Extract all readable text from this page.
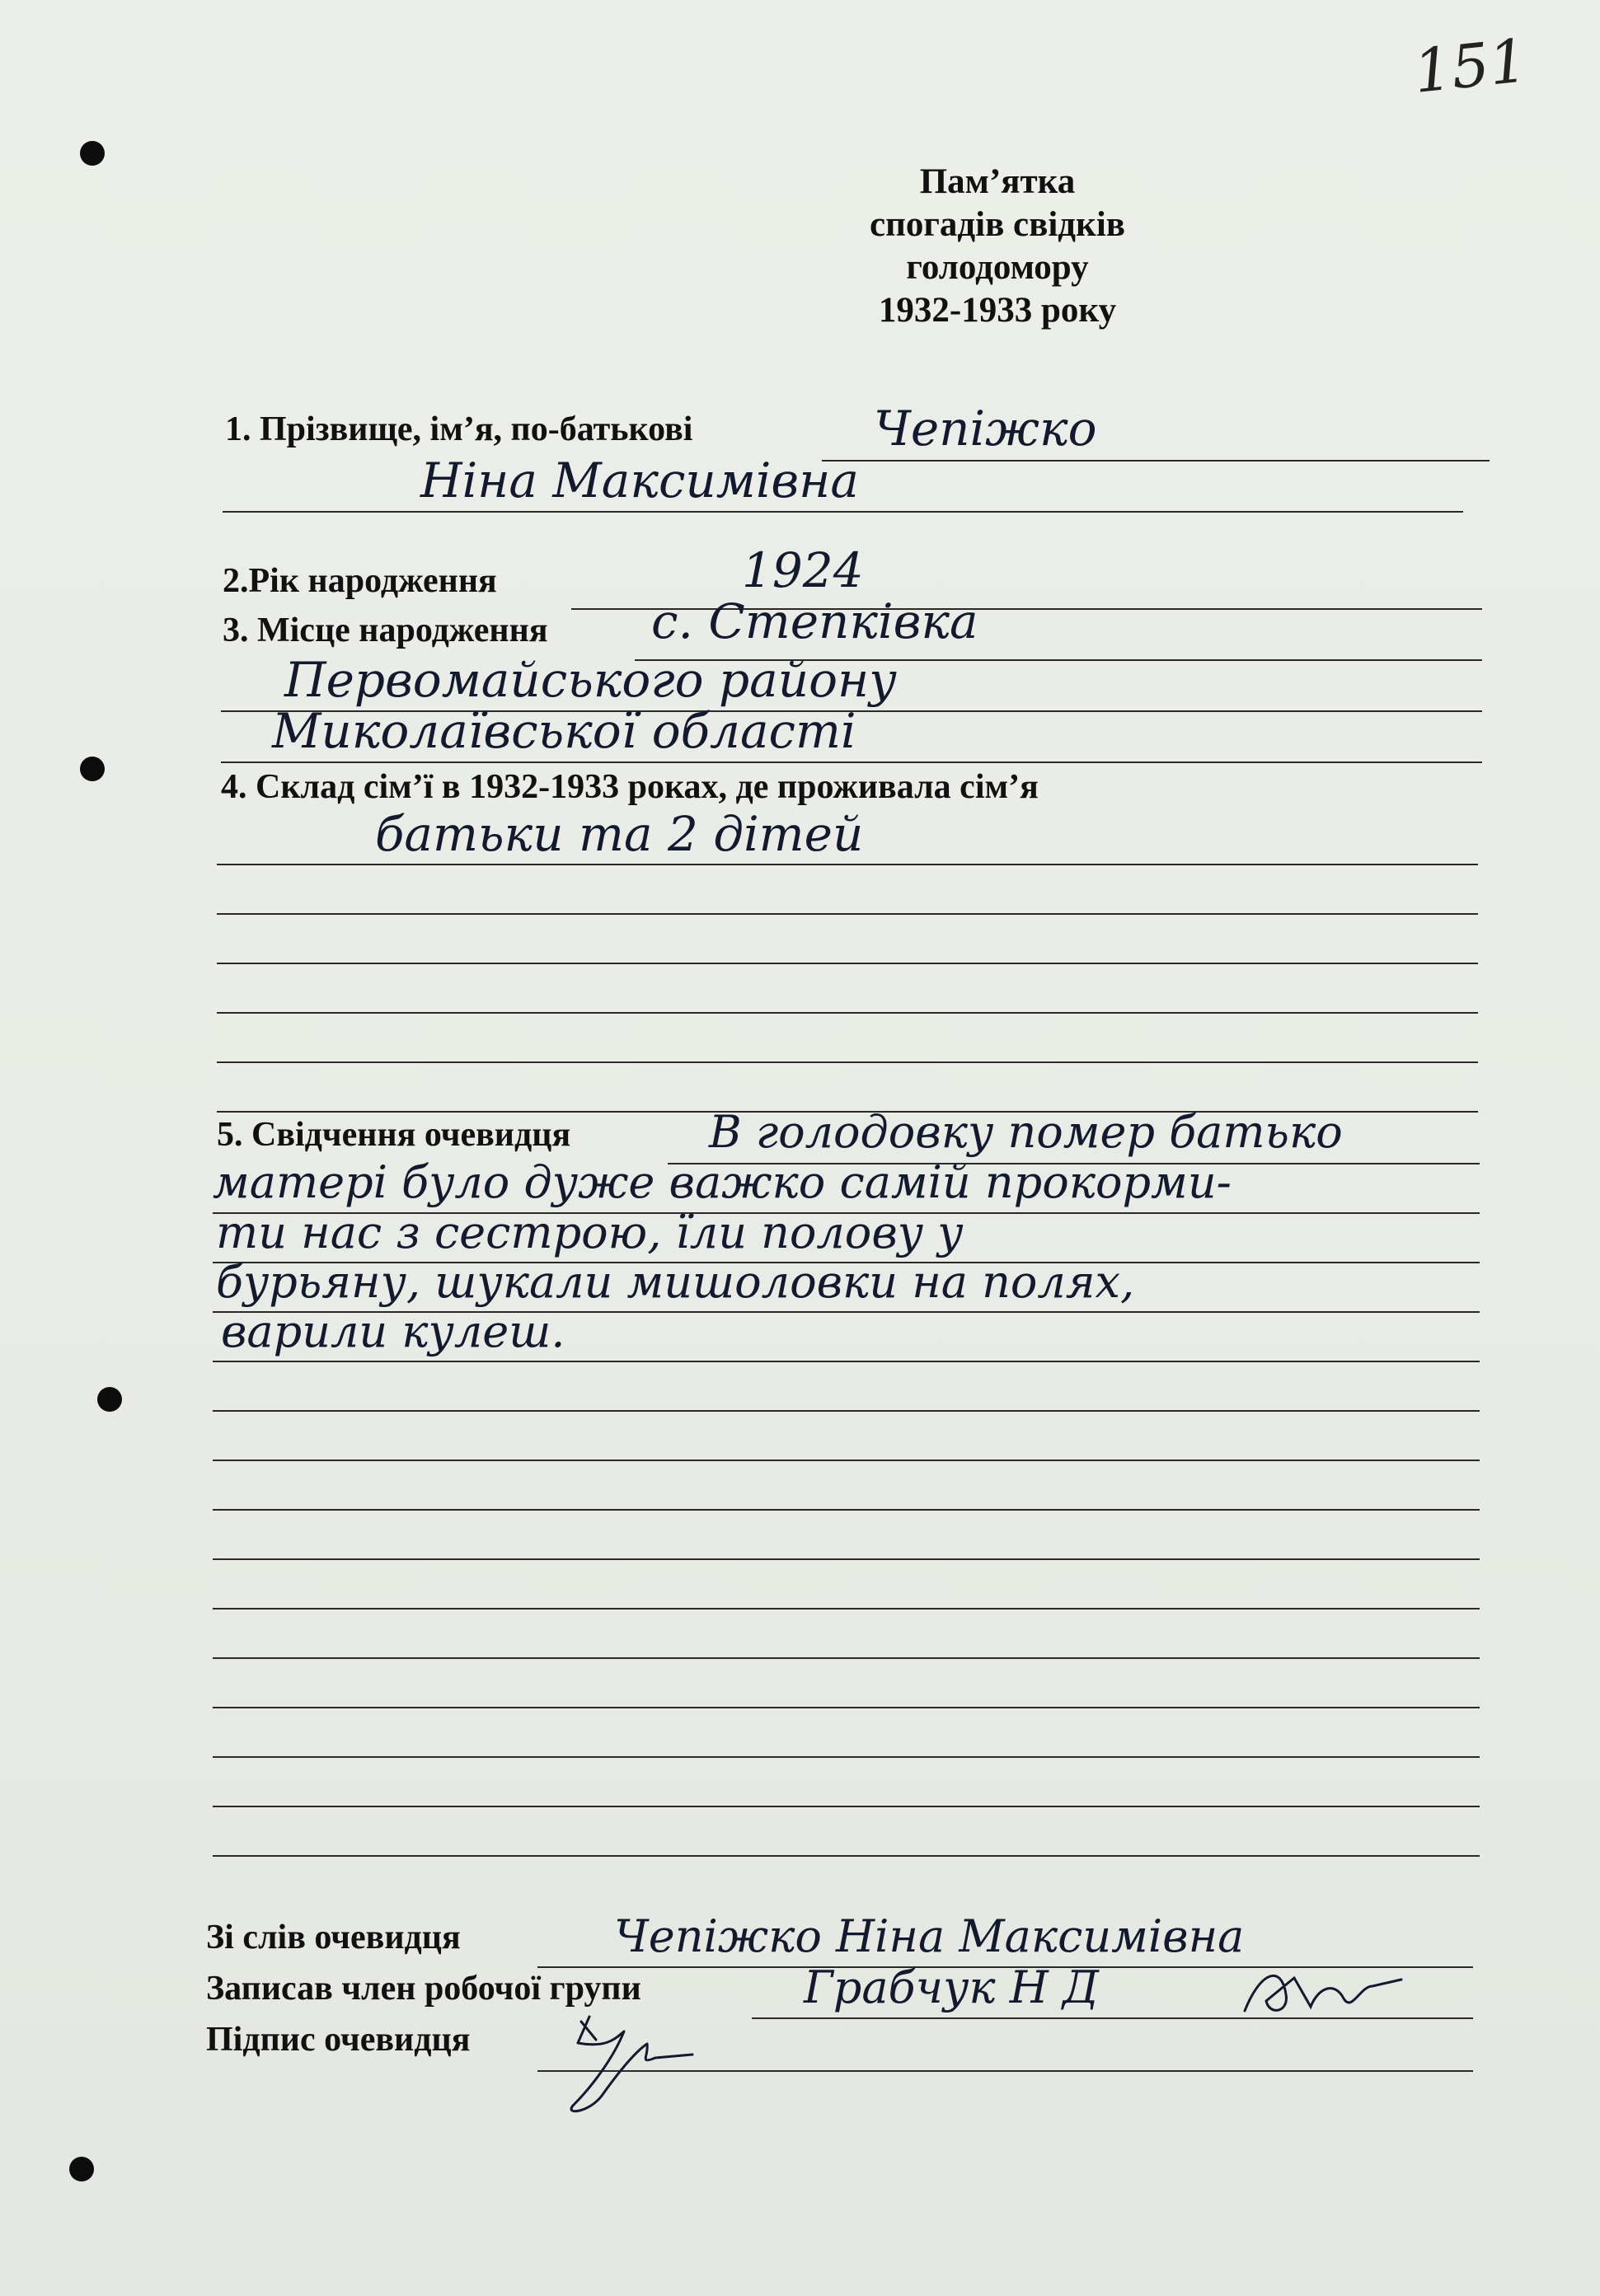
151
Пам’ятка
спогадів свідків
голодомору
1932-1933 року
1. Прізвище, ім’я, по-батькові	Чепіжко
Ніна Максимівна
2.Рік народження	1924
3. Місце народження с. Степківка
Первомайського району
Миколаївської області
4. Склад сім’ї в 1932-1933 роках, де проживала сім’я
батьки та 2 дітей
5. Свідчення очевидця	В голодовку помер батько
матері було дуже важко самій прокорми-
ти нас з сестрою, їли полову у
бурьяну, шукали мишоловки на полях,
варили кулеш.
Зі слів очевидця	Чепіжко Ніна Максимівна
Записав член робочої групи	Грабчук Н Д
Підпис очевидця
